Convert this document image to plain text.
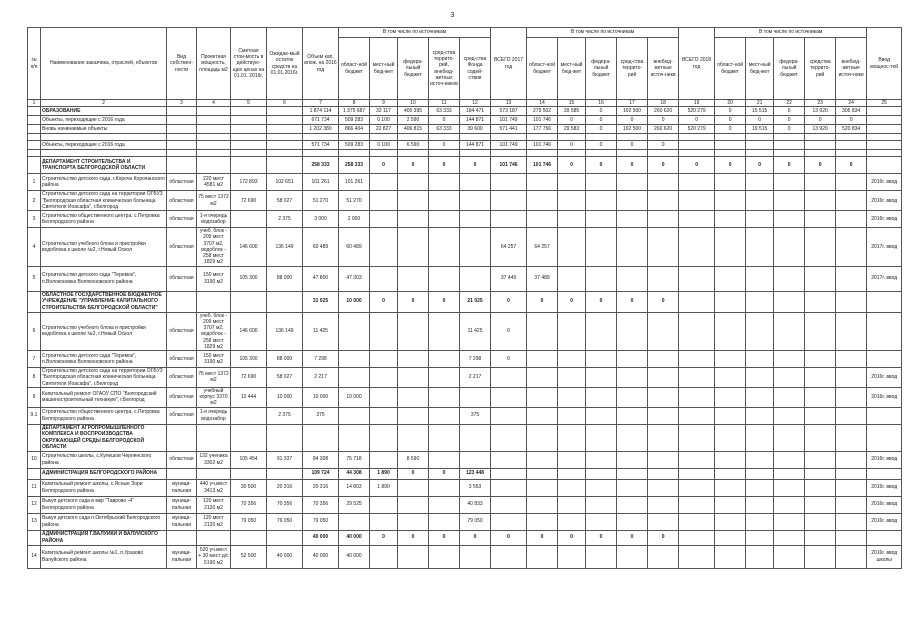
3
№ п/п	Наименование заказчика, отраслей, объектов	Вид собствен-ности	Проектная мощность, площадь м2	Сметная стои-мость в действую-щих ценах на 01.01. 2016г.	Ожидае-мый остаток средств на 01.01.2016г.	Объем кап. влож. на 2016 год	В том числе по источникам					ВСЕГО 2017 год	В том числе по источникам					ВСЕГО 2018 год	В том числе по источникам					Ввод мощнос-тей
							област-ной бюджет	мест-ный бюд-жет	федера-льный бюджет	сред-ства террито-рий, внебюд-жетных источ-ников	сред-ства Фонда содей-ствия		област-ной бюджет	мест-ный бюд-жет	федера-льный бюджет	сред-ства террито-рий	внебюд-жетные источ-ники		област-ной бюджет	мест-ный бюд-жет	федера-льный бюджет	средства террито-рий	внебюд-жетные источ-ники	
1	2	3	4	5	6	7	8	9	10	11	12	13	14	15	16	17	18	19	20	21	22	23	24	25
	ОБРАЗОВАНИЕ					1 874 114	1 375 687	32 117	405 395	63 333	184 471	573 187	279 502	39 585	0	192 500	260 620	520 279	0	15 515	0	13 920	305 834	
	Объекты, переходящие с 2016 года					671 734	509 283	0 100	2 590	0	144 871	101 749	101 746	0	0	0	0	0	0	0	0	0	0	
	Вновь начинаемые объекты					1 202 380	866 404	22 827	406 815	63 333	39 600	571 441	177 756	29 583	0	192 500	260 620	520 279	0	19 515	0	13 920	520 834	

	Объекты, переходящие с 2016 года					571 734	509 283	0 100	6 590	0	144 871	101 749	101 746	0	0	0	0							

	ДЕПАРТАМЕНТ СТРОИТЕЛЬСТВА И ТРАНСПОРТА БЕЛГОРОДСКОЙ ОБЛАСТИ					258 333	258 333	0	0	0	0	101 746	101 746	0	0	0	0	0	0	0	0	0	0	
1	Строительство детского сада, г.Короча Корочанского района	областная	220 мест 4581 м2	172 893	102 651	101 261	101 261																	2016г. ввод
2	Строительство детского сада на территории ОГБУЗ "Белгородская областная клиническая больница Святителя Иоасафа", г.Белгород	областная	75 мест 1372 м2	72 690	58 027	51 270	51 270																	2016г. ввод
3	Строительство общественного центра, с.Петровка Белгородского района	областная	1-я очередь водозабор		2 375	3 000	2 000																	2016г. ввод
4	Строительство учебного блока и пристройки водоблока к школе №2, г.Новый Оскол	областная	учеб. блок - 209 мест 3707 м2, водоблок - 258 мест 1829 м2	146 600	136 149	60 489	60 489					64 257	64 257											2017г. ввод
5	Строительство детского сада "Теремок", п.Волоконовка Волоконовского района	областная	150 мест 3190 м2	105 300	88 000	47 800	47 303					37 449	37 489											2017г. ввод
	ОБЛАСТНОЕ ГОСУДАРСТВЕННОЕ БЮДЖЕТНОЕ УЧРЕЖДЕНИЕ "УПРАВЛЕНИЕ КАПИТАЛЬНОГО СТРОИТЕЛЬСТВА БЕЛГОРОДСКОЙ ОБЛАСТИ"					31 025	10 000	0	0	0	21 025	0	0	0	0	0	0							
6	Строительство учебного блока и пристройки водоблока к школе №2, г.Новый Оскол	областная	учеб. блок - 209 мест 3707 м2, водоблок - 258 мест 1829 м2	146 600	136 149	11 425					11 425	0												
7	Строительство детского сада "Теремок", п.Волоконовка Волоконовского района	областная	150 мест 3190 м2	105 300	88 000	7 298					7 298	0												
8	Строительство детского сада на территории ОГБУЗ "Белгородская областная клиническая больница Святителя Иоасафа", г.Белгород	областная	75 мест 1372 м2	72 690	58 027	2 217					2 217													2016г. ввод
9	Капитальный ремонт ОГАОУ СПО "Белгородский машиностроительный техникум", г.Белгород	областная	учебный корпус 3370 м2	12 444	10 000	10 000	10 000																	2016г. ввод
9.1	Строительство общественного центра, с.Петровка Белгородского района	областная	1-я очередь водозабор		2 375	375					375													
	ДЕПАРТАМЕНТ АГРОПРОМЫШЛЕННОГО КОМПЛЕКСА И ВОСПРОИЗВОДСТВА ОКРУЖАЮЩЕЙ СРЕДЫ БЕЛГОРОДСКОЙ ОБЛАСТИ																							
10	Строительство школы, с.Кулешов Чернянского района	областная	132 ученика 3302 м2	105 454	91 337	84 308	75 718		8 590															2016г. ввод
	АДМИНИСТРАЦИЯ БЕЛГОРОДСКОГО РАЙОНА					109 724	44 308	1 890	0	0	123 448													
11	Капитальный ремонт школы, с.Ясные Зори Белгородского района	муници-пальная	440 уч.мест 3413 м2	30 500	20 316	20 316	14 803	1 890			3 563													2016г. ввод
12	Выкуп детского сада в мкр "Таврово -4" Белгородского района	муници-пальная	120 мест 2120 м2	70 356	70 356	70 356	29 525				40 833													2016г. ввод
13	Выкуп детского сада п.Октябрьский Белгородского района	муници-пальная	120 мест 2120 м2	79 050	79 050	79 050					79 050													2016г. ввод
	АДМИНИСТРАЦИЯ Г.ВАЛУЙКИ И ВАЛУЙСКОГО РАЙОНА					40 000	40 000	0	0	0	0	0	0	0	0	0	0							
14	Капитальный ремонт школы №1, п.Уразово Валуйского района	муници-пальная	520 уч.мест + 30 мест д/с 5190 м2	52 500	40 000	40 000	40 000																	2016г. ввод школы
